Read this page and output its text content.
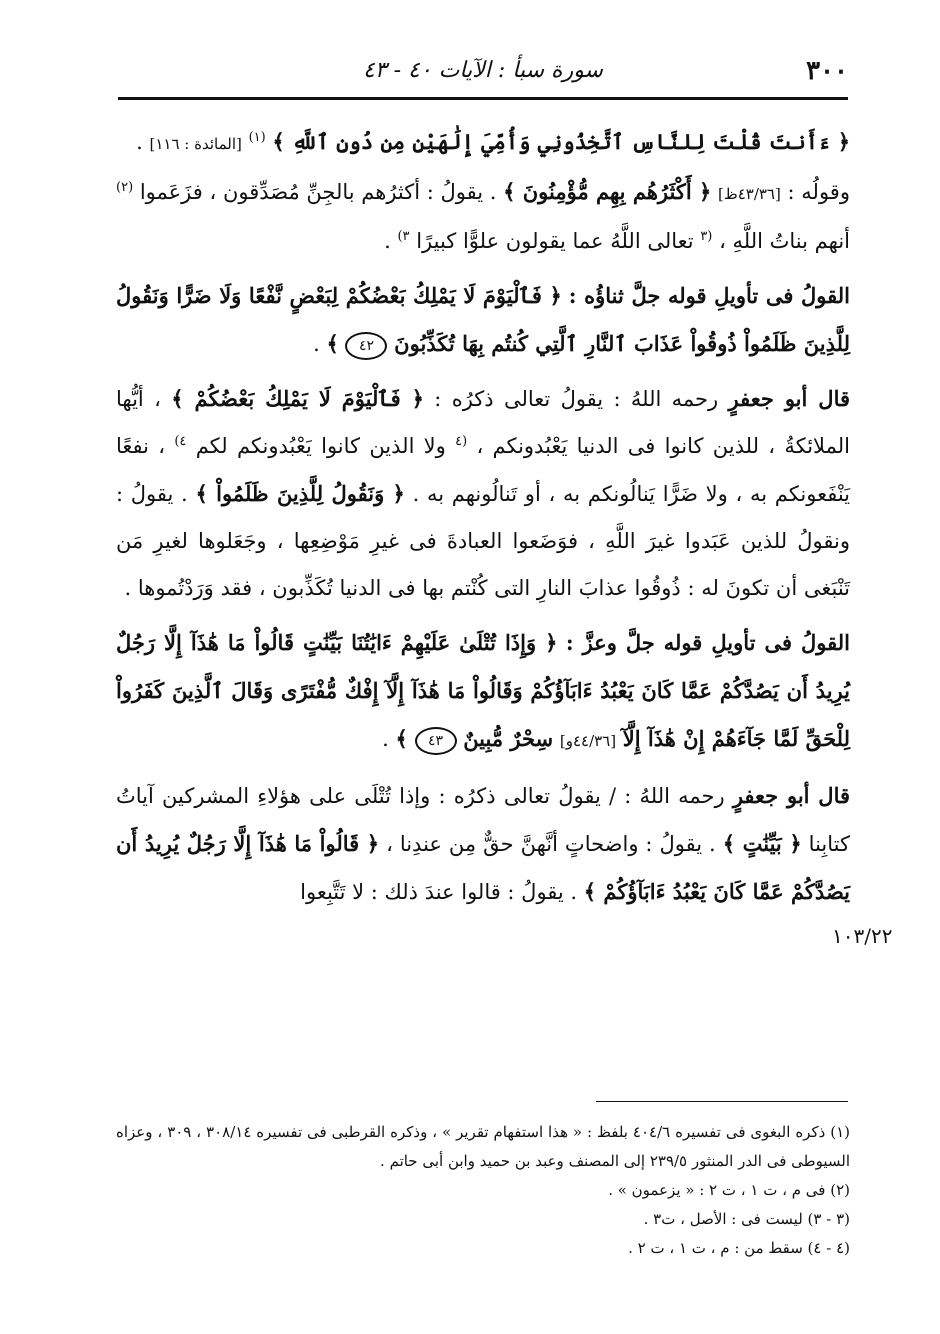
٣٠٠
سورة سبأ : الآيات ٤٠ - ٤٣

﴿ ءَأَنتَ قُلْتَ لِلنَّاسِ ٱتَّخِذُونِي وَأُمِّيَ إِلَٰهَيْنِ مِن دُونِ ٱللَّهِ ﴾ $^{(١)}$ [المائدة : ١١٦] .

وقولُه : [٤٣/٣٦ظ] ﴿ أَكْثَرُهُم بِهِم مُّؤْمِنُونَ ﴾ . يقولُ : أكثرُهم بالجِنِّ مُصَدِّقون ، فزَعَموا $^{(٢)}$ أنهم بناتُ اللَّهِ ، $^{(٣}$ تعالى اللَّهُ عما يقولون علوًّا كبيرًا $^{٣)}$ .

القولُ فى تأويلِ قوله جلَّ ثناؤُه : ﴿ فَٱلْيَوْمَ لَا يَمْلِكُ بَعْضُكُمْ لِبَعْضٍ نَّفْعًا وَلَا ضَرًّا وَنَقُولُ لِلَّذِينَ ظَلَمُواْ ذُوقُواْ عَذَابَ ٱلنَّارِ ٱلَّتِي كُنتُم بِهَا تُكَذِّبُونَ ٤٢ ﴾ .

قال أبو جعفرٍ رحمه اللهُ : يقولُ تعالى ذكرُه : ﴿ فَٱلْيَوْمَ لَا يَمْلِكُ بَعْضُكُمْ ﴾ ، أيُّها الملائكةُ ، للذين كانوا فى الدنيا يَعْبُدونكم ، $^{(٤}$ ولا الذين كانوا يَعْبُدونكم لكم $^{٤)}$ ، نفعًا يَنْفَعونكم به ، ولا ضَرًّا يَنالُونكم به ، أو تَنالُونهم به . ﴿ وَنَقُولُ لِلَّذِينَ ظَلَمُواْ ﴾ . يقولُ : ونقولُ للذين عَبَدوا غيرَ اللَّهِ ، فوَضَعوا العبادةَ فى غيرِ مَوْضِعِها ، وجَعَلوها لغيرِ مَن تَنْبَغى أن تكونَ له : ذُوقُوا عذابَ النارِ التى كُنْتم بها فى الدنيا تُكَذِّبون ، فقد وَرَدْتُموها .

القولُ فى تأويلِ قوله جلَّ وعزَّ : ﴿ وَإِذَا تُتْلَىٰ عَلَيْهِمْ ءَايَٰتُنَا بَيِّنَٰتٍ قَالُواْ مَا هَٰذَآ إِلَّا رَجُلٌ يُرِيدُ أَن يَصُدَّكُمْ عَمَّا كَانَ يَعْبُدُ ءَابَآؤُكُمْ وَقَالُواْ مَا هَٰذَآ إِلَّآ إِفْكٌ مُّفْتَرًى وَقَالَ ٱلَّذِينَ كَفَرُواْ لِلْحَقِّ لَمَّا جَآءَهُمْ إِنْ هَٰذَآ إِلَّآ [٤٤/٣٦و] سِحْرٌ مُّبِينٌ ٤٣ ﴾ .

قال أبو جعفرٍ رحمه اللهُ : / يقولُ تعالى ذكرُه : وإذا تُتْلَى على هؤلاءِ المشركين آياتُ كتابِنا ﴿ بَيِّنَٰتٍ ﴾ . يقولُ : واضحاتٍ أنَّهنَّ حقٌّ مِن عندِنا ، ﴿ قَالُواْ مَا هَٰذَآ إِلَّا رَجُلٌ يُرِيدُ أَن يَصُدَّكُمْ عَمَّا كَانَ يَعْبُدُ ءَابَآؤُكُمْ ﴾ . يقولُ : قالوا عندَ ذلك : لا تَتَّبِعوا

١٠٣/٢٢

(١) ذكره البغوى فى تفسيره ٤٠٤/٦ بلفظ : « هذا استفهام تقرير » ، وذكره القرطبى فى تفسيره ٣٠٨/١٤ ، ٣٠٩ ، وعزاه السيوطى فى الدر المنثور ٢٣٩/٥ إلى المصنف وعبد بن حميد وابن أبى حاتم .

(٢) فى م ، ت ١ ، ت ٢ : « يزعمون » .

(٣ - ٣) ليست فى : الأصل ، ت٣ .

(٤ - ٤) سقط من : م ، ت ١ ، ت ٢ .
